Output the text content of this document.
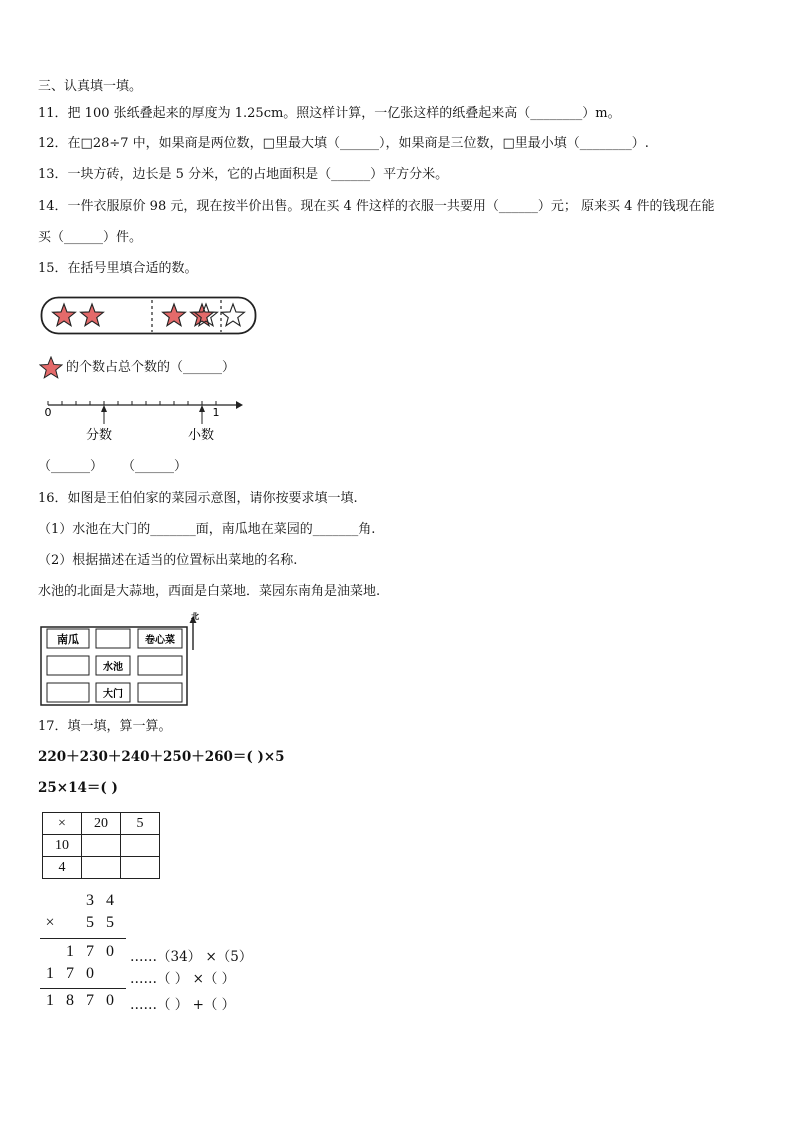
三、认真填一填。
11．把 100 张纸叠起来的厚度为 1.25cm。照这样计算，一亿张这样的纸叠起来高（________）m。
12．在□28÷7 中，如果商是两位数，□里最大填（______），如果商是三位数，□里最小填（________）.
13．一块方砖，边长是 5 分米，它的占地面积是（______）平方分米。
14．一件衣服原价 98 元，现在按半价出售。现在买 4 件这样的衣服一共要用（______）元； 原来买 4 件的钱现在能
买（______）件。
15．在括号里填合适的数。
的个数占总个数的（______）
0	1
分数	小数
（______） （______）
16．如图是王伯伯家的菜园示意图，请你按要求填一填.
（1）水池在大门的_______面，南瓜地在菜园的_______角.
（2）根据描述在适当的位置标出菜地的名称.
水池的北面是大蒜地，西面是白菜地．菜园东南角是油菜地.
南瓜	卷心菜
水池
大门
北
17．填一填，算一算。
220＋230＋240＋250＋260＝( )×5
25×14＝( )
×	20	5
10		
4		
3 4
× 5 5
1 7 0
1 7 0
1 8 7 0
……（34） ×（5）
……（ ） ×（ ）
……（ ） +（ ）
